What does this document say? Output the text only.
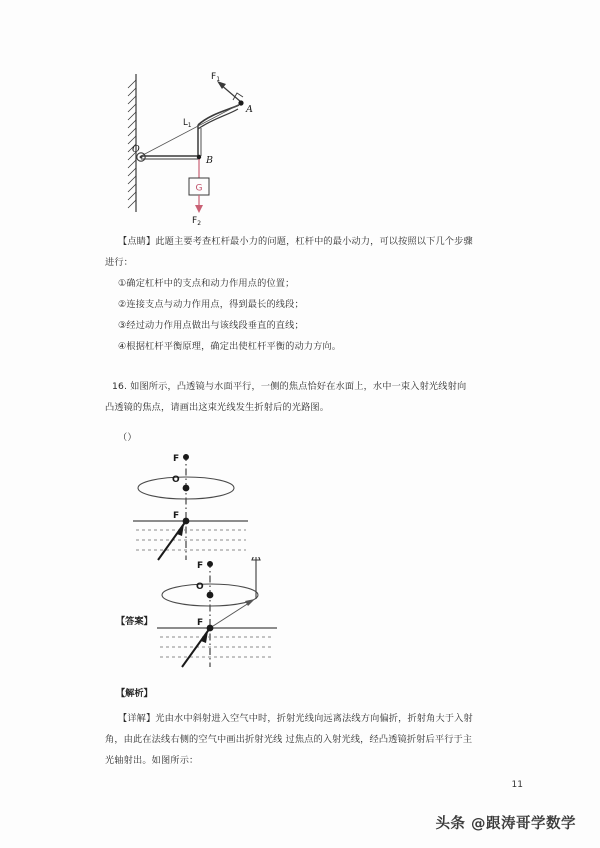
G
$F_1$
A
B
O
$L_1$
$F_2$
【点睛】此题主要考查杠杆最小力的问题，杠杆中的最小动力，可以按照以下几个步骤
进行：
①确定杠杆中的支点和动力作用点的位置；
②连接支点与动力作用点，得到最长的线段；
③经过动力作用点做出与该线段垂直的直线；
④根据杠杆平衡原理，确定出使杠杆平衡的动力方向。
16. 如图所示，凸透镜与水面平行，一侧的焦点恰好在水面上，水中一束入射光线射向
凸透镜的焦点，请画出这束光线发生折射后的光路图。
（）
F
O
F
【答案】
F
O
F
【解析】
【详解】光由水中斜射进入空气中时，折射光线向远离法线方向偏折，折射角大于入射
角，由此在法线右侧的空气中画出折射光线 过焦点的入射光线，经凸透镜折射后平行于主
光轴射出。如图所示：
11
头条 @跟涛哥学数学
